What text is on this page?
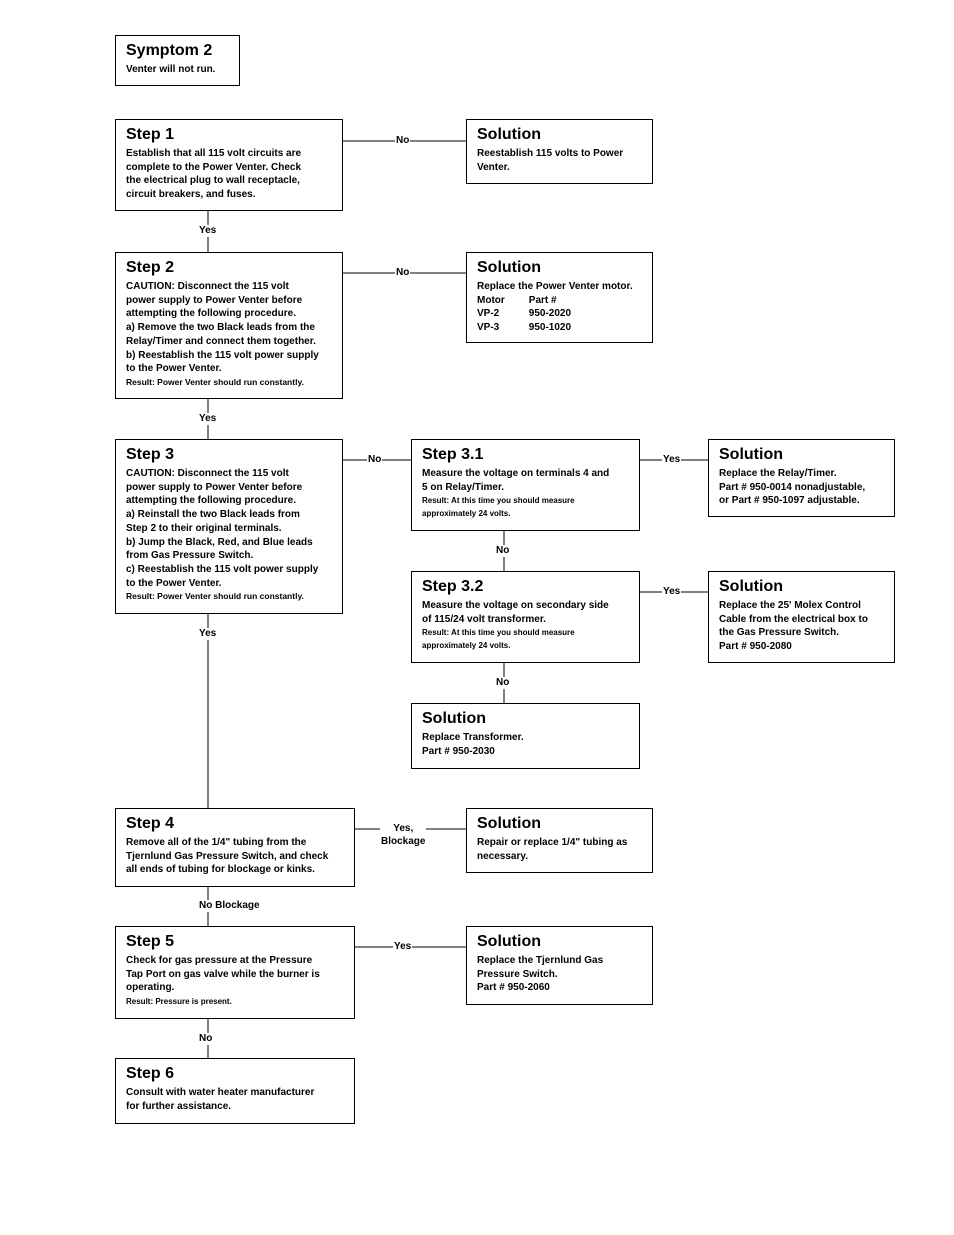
No
Yes
No
Yes
No
Yes
Yes
No
Yes
No
Yes,
Blockage
No Blockage
Yes
No
Symptom 2
Venter will not run.
Step 1
Establish that all 115 volt circuits are
complete to the Power Venter. Check
the electrical plug to wall receptacle,
circuit breakers, and fuses.
Solution
Reestablish 115 volts to Power
Venter.
Step 2
CAUTION: Disconnect the 115 volt
power supply to Power Venter before
attempting the following procedure.
a) Remove the two Black leads from the
Relay/Timer and connect them together.
b) Reestablish the 115 volt power supply
to the Power Venter.
Result: Power Venter should run constantly.
Solution
Replace the Power Venter motor.
Motor	Part #
VP-2	950-2020
VP-3	950-1020
Step 3
CAUTION: Disconnect the 115 volt
power supply to Power Venter before
attempting the following procedure.
a) Reinstall the two Black leads from
Step 2 to their original terminals.
b) Jump the Black, Red, and Blue leads
from Gas Pressure Switch.
c) Reestablish the 115 volt power supply
to the Power Venter.
Result: Power Venter should run constantly.
Step 3.1
Measure the voltage on terminals 4 and
5 on Relay/Timer.
Result: At this time you should measure
approximately 24 volts.
Solution
Replace the Relay/Timer.
Part # 950-0014 nonadjustable,
or Part # 950-1097 adjustable.
Step 3.2
Measure the voltage on secondary side
of 115/24 volt transformer.
Result: At this time you should measure
approximately 24 volts.
Solution
Replace the 25' Molex Control
Cable from the electrical box to
the Gas Pressure Switch.
Part # 950-2080
Solution
Replace Transformer.
Part # 950-2030
Step 4
Remove all of the 1/4" tubing from the
Tjernlund Gas Pressure Switch, and check
all ends of tubing for blockage or kinks.
Solution
Repair or replace 1/4" tubing as
necessary.
Step 5
Check for gas pressure at the Pressure
Tap Port on gas valve while the burner is
operating.
Result: Pressure is present.
Solution
Replace the Tjernlund Gas
Pressure Switch.
Part # 950-2060
Step 6
Consult with water heater manufacturer
for further assistance.
